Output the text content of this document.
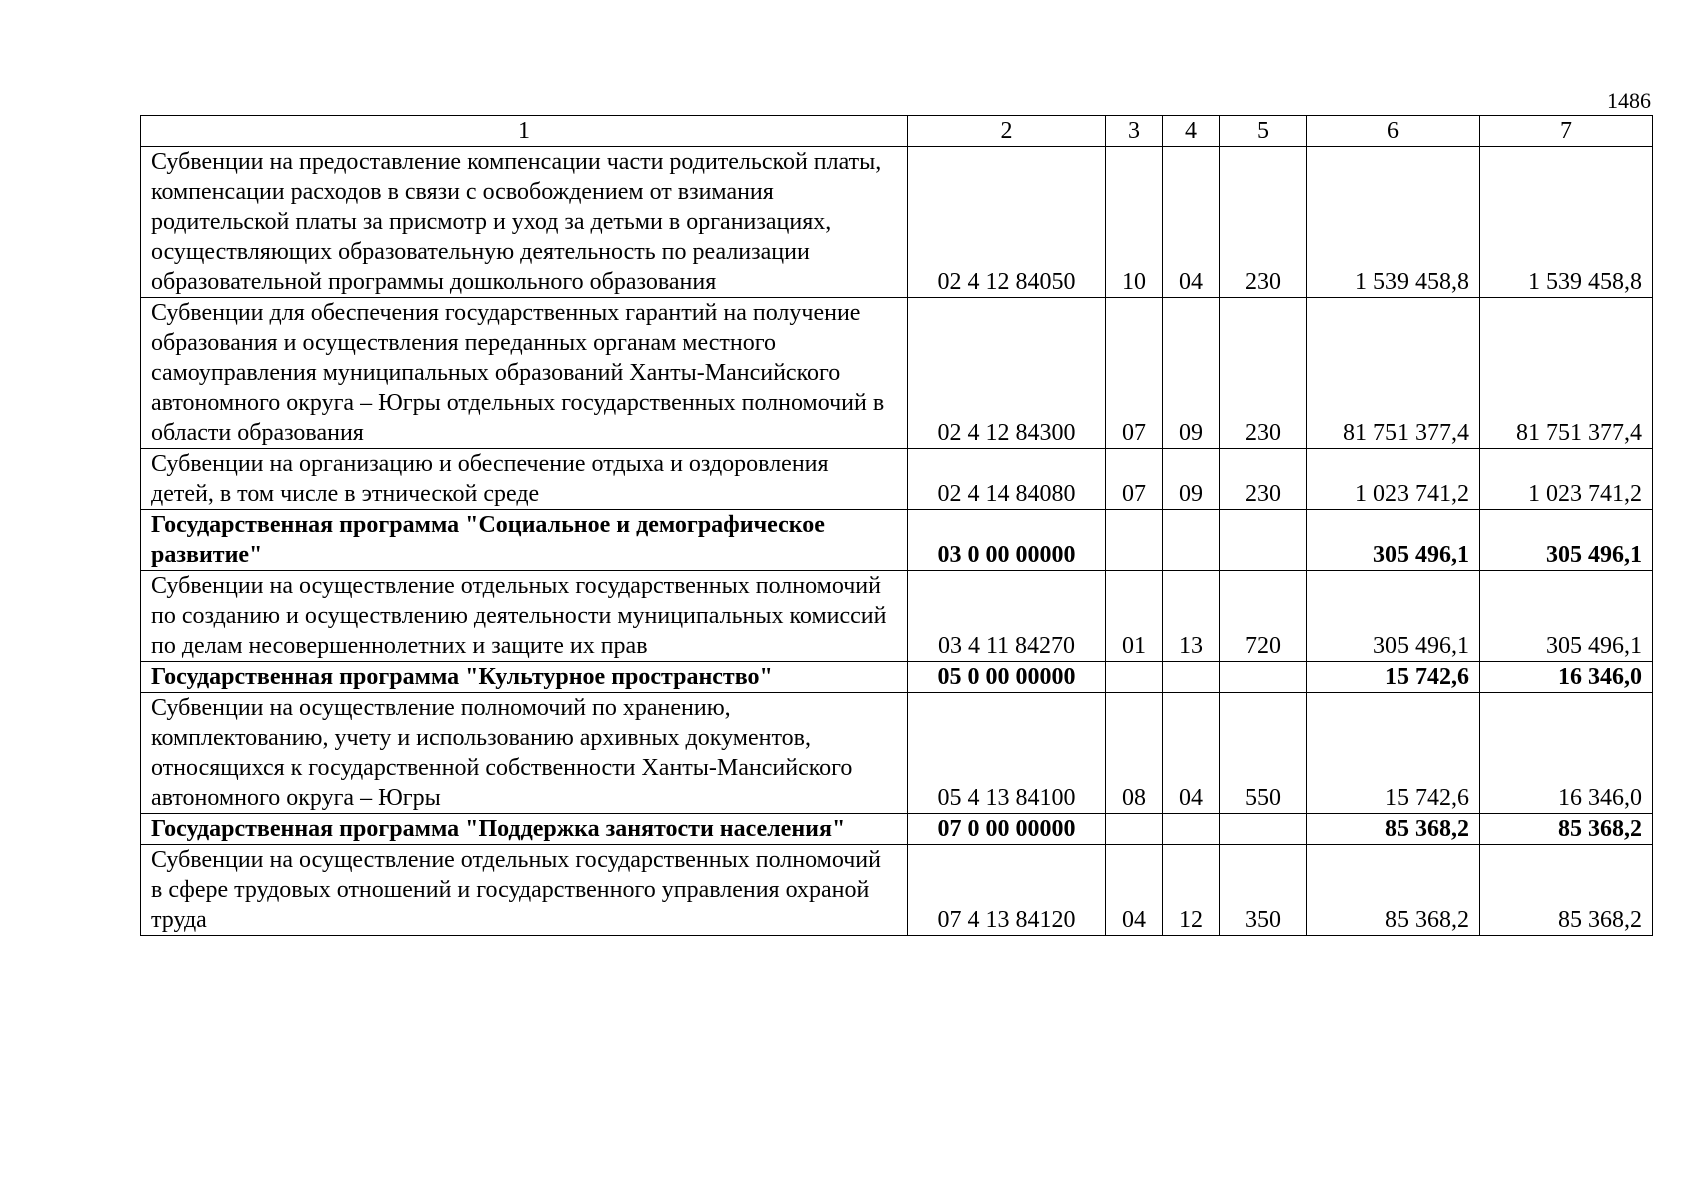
1486
1	2	3	4	5	6	7
Субвенции на предоставление компенсации части родительской платы, компенсации расходов в связи с освобождением от взимания родительской платы за присмотр и уход за детьми в организациях, осуществляющих образовательную деятельность по реализации образовательной программы дошкольного образования	02 4 12 84050	10	04	230	1 539 458,8	1 539 458,8
Субвенции для обеспечения государственных гарантий на получение образования и осуществления переданных органам местного самоуправления муниципальных образований Ханты-Мансийского автономного округа – Югры отдельных государственных полномочий в области образования	02 4 12 84300	07	09	230	81 751 377,4	81 751 377,4
Субвенции на организацию и обеспечение отдыха и оздоровления детей, в том числе в этнической среде	02 4 14 84080	07	09	230	1 023 741,2	1 023 741,2
Государственная программа "Социальное и демографическое развитие"	03 0 00 00000				305 496,1	305 496,1
Субвенции на осуществление отдельных государственных полномочий по созданию и осуществлению деятельности муниципальных комиссий по делам несовершеннолетних и защите их прав	03 4 11 84270	01	13	720	305 496,1	305 496,1
Государственная программа "Культурное пространство"	05 0 00 00000				15 742,6	16 346,0
Субвенции на осуществление полномочий по хранению, комплектованию, учету и использованию архивных документов, относящихся к государственной собственности Ханты-Мансийского автономного округа – Югры	05 4 13 84100	08	04	550	15 742,6	16 346,0
Государственная программа "Поддержка занятости населения"	07 0 00 00000				85 368,2	85 368,2
Субвенции на осуществление отдельных государственных полномочий в сфере трудовых отношений и государственного управления охраной труда	07 4 13 84120	04	12	350	85 368,2	85 368,2
